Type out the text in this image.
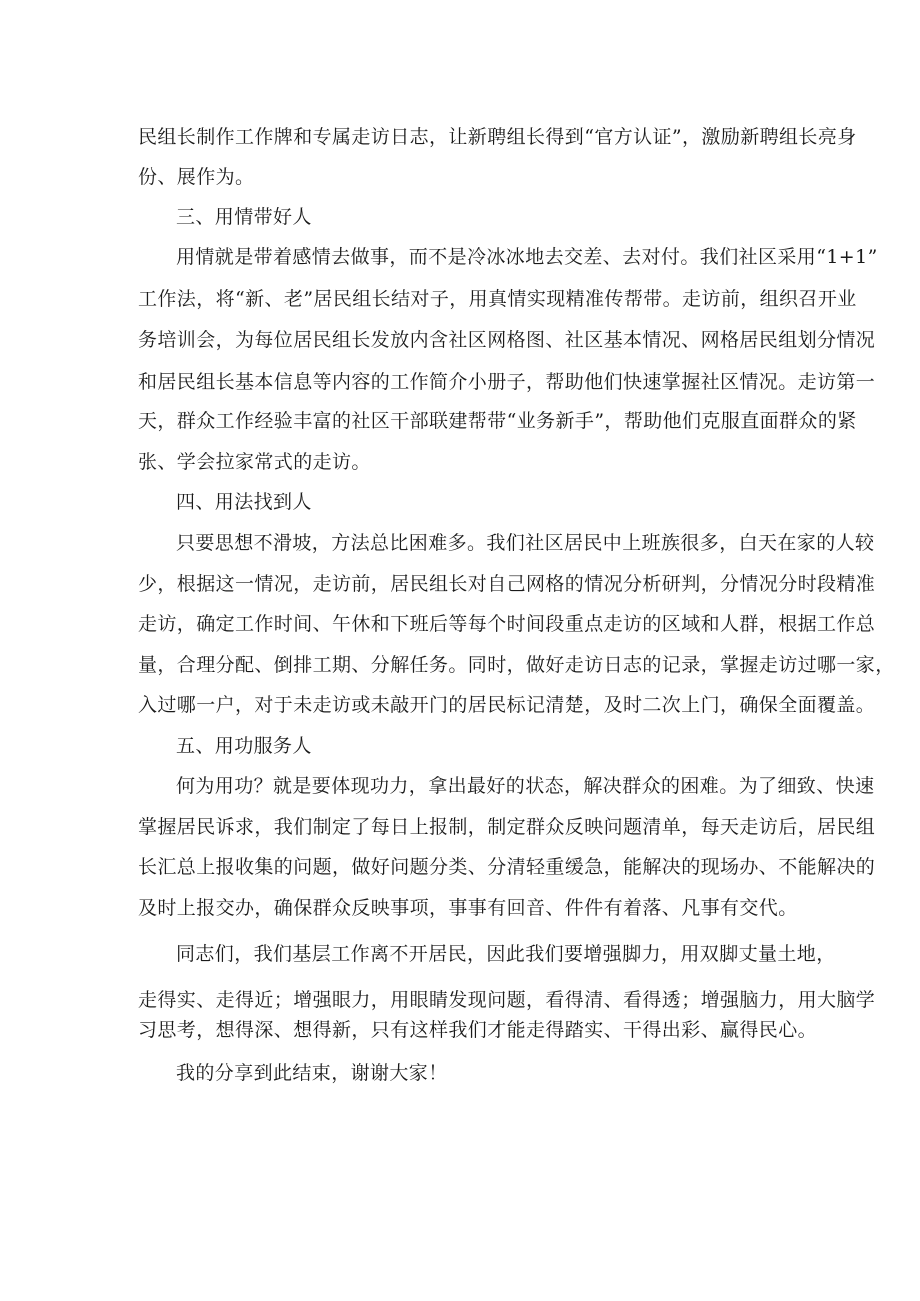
民组长制作工作牌和专属走访日志，让新聘组长得到“官方认证”，激励新聘组长亮身
份、展作为。
三、用情带好人
用情就是带着感情去做事，而不是冷冰冰地去交差、去对付。我们社区采用“1+1”
工作法，将“新、老”居民组长结对子，用真情实现精准传帮带。走访前，组织召开业
务培训会，为每位居民组长发放内含社区网格图、社区基本情况、网格居民组划分情况
和居民组长基本信息等内容的工作简介小册子，帮助他们快速掌握社区情况。走访第一
天，群众工作经验丰富的社区干部联建帮带“业务新手”，帮助他们克服直面群众的紧
张、学会拉家常式的走访。
四、用法找到人
只要思想不滑坡，方法总比困难多。我们社区居民中上班族很多，白天在家的人较
少，根据这一情况，走访前，居民组长对自己网格的情况分析研判，分情况分时段精准
走访，确定工作时间、午休和下班后等每个时间段重点走访的区域和人群，根据工作总
量，合理分配、倒排工期、分解任务。同时，做好走访日志的记录，掌握走访过哪一家，
入过哪一户，对于未走访或未敲开门的居民标记清楚，及时二次上门，确保全面覆盖。
五、用功服务人
何为用功？就是要体现功力，拿出最好的状态，解决群众的困难。为了细致、快速
掌握居民诉求，我们制定了每日上报制，制定群众反映问题清单，每天走访后，居民组
长汇总上报收集的问题，做好问题分类、分清轻重缓急，能解决的现场办、不能解决的
及时上报交办，确保群众反映事项，事事有回音、件件有着落、凡事有交代。
同志们，我们基层工作离不开居民，因此我们要增强脚力，用双脚丈量土地，
走得实、走得近；增强眼力，用眼睛发现问题，看得清、看得透；增强脑力，用大脑学
习思考，想得深、想得新，只有这样我们才能走得踏实、干得出彩、赢得民心。
我的分享到此结束，谢谢大家！
